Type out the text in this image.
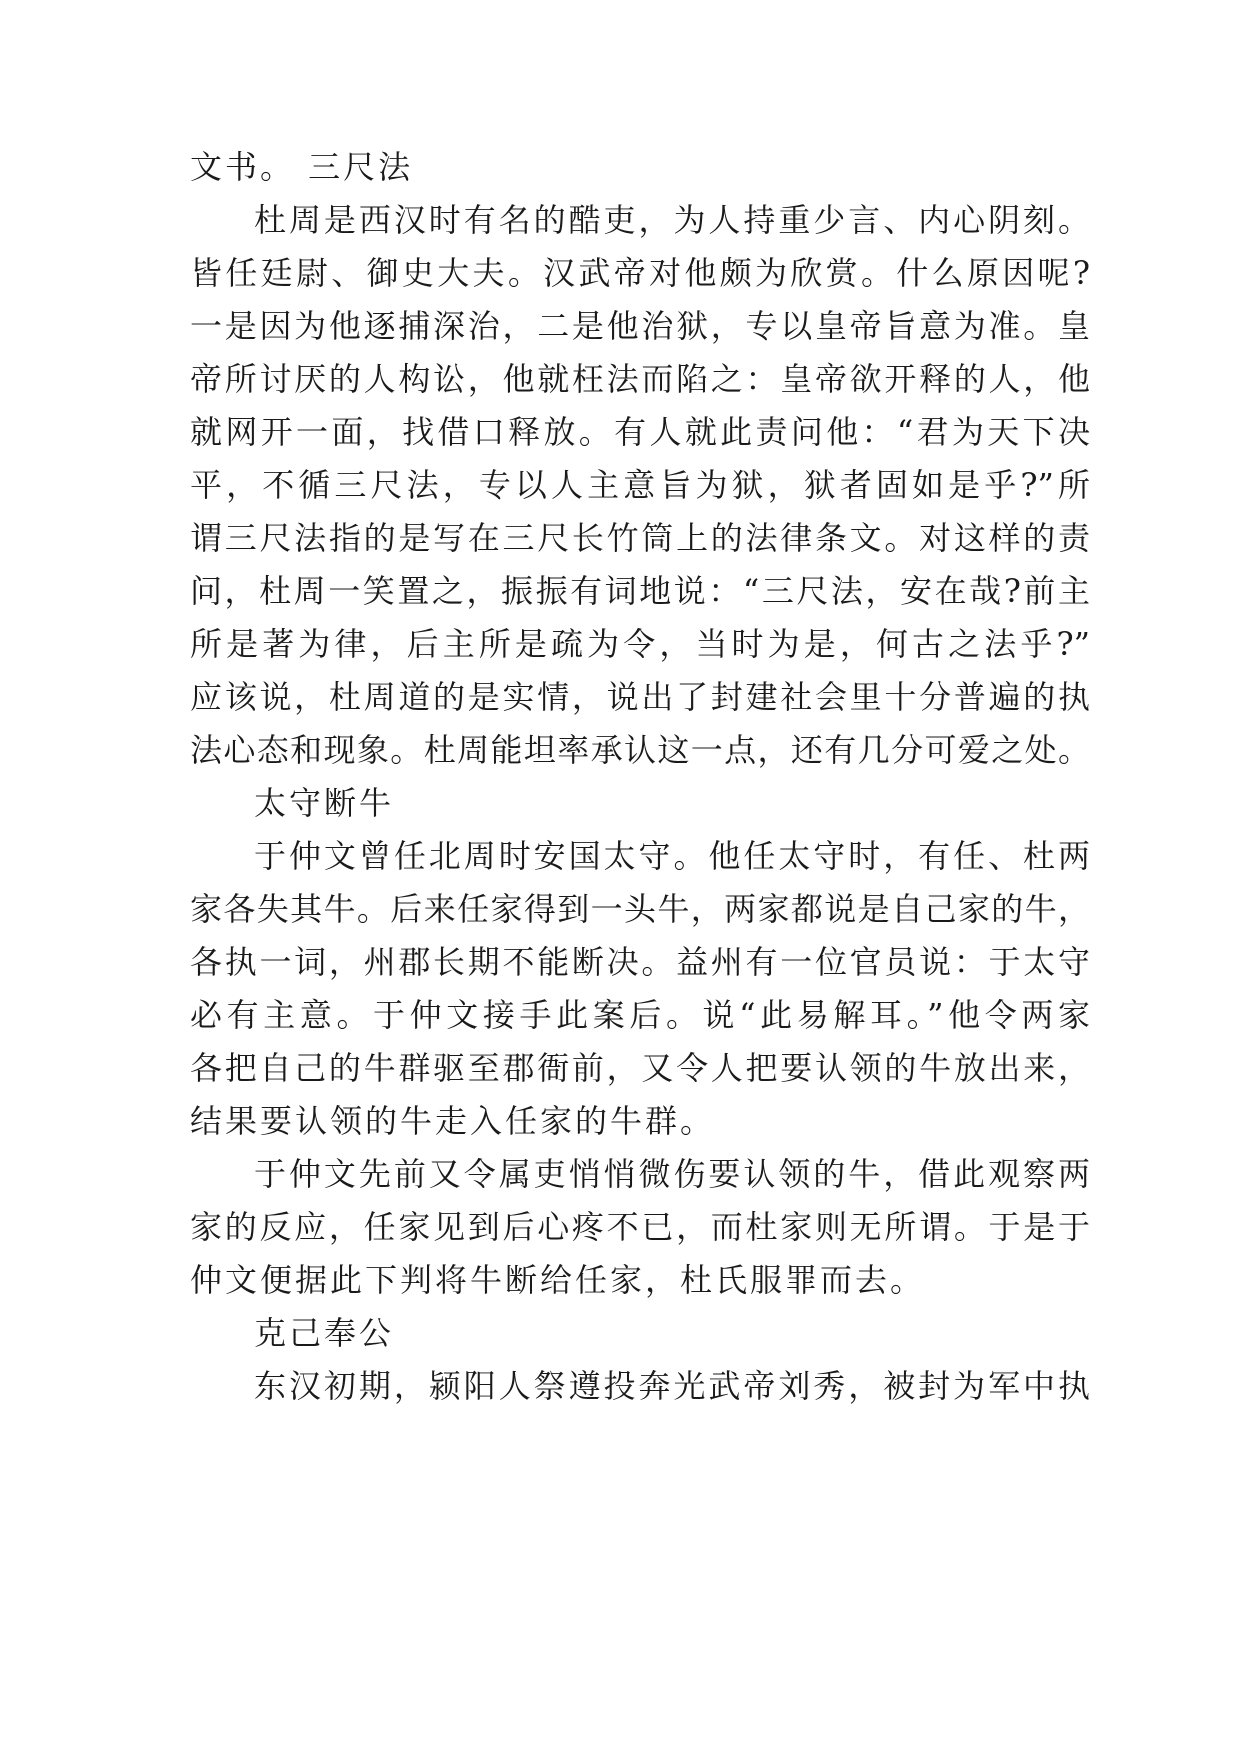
文书。 三尺法
杜周是西汉时有名的酷吏，为人持重少言、内心阴刻。
皆任廷尉、御史大夫。汉武帝对他颇为欣赏。什么原因呢?
一是因为他逐捕深治，二是他治狱，专以皇帝旨意为准。皇
帝所讨厌的人构讼，他就枉法而陷之：皇帝欲开释的人，他
就网开一面，找借口释放。有人就此责问他：“君为天下决
平，不循三尺法，专以人主意旨为狱，狱者固如是乎?”所
谓三尺法指的是写在三尺长竹筒上的法律条文。对这样的责
问，杜周一笑置之，振振有词地说：“三尺法，安在哉?前主
所是著为律，后主所是疏为令，当时为是，何古之法乎?”
应该说，杜周道的是实情，说出了封建社会里十分普遍的执
法心态和现象。杜周能坦率承认这一点，还有几分可爱之处。
太守断牛
于仲文曾任北周时安国太守。他任太守时，有任、杜两
家各失其牛。后来任家得到一头牛，两家都说是自己家的牛，
各执一词，州郡长期不能断决。益州有一位官员说：于太守
必有主意。于仲文接手此案后。说“此易解耳。”他令两家
各把自己的牛群驱至郡衙前，又令人把要认领的牛放出来，
结果要认领的牛走入任家的牛群。
于仲文先前又令属吏悄悄微伤要认领的牛，借此观察两
家的反应，任家见到后心疼不已，而杜家则无所谓。于是于
仲文便据此下判将牛断给任家，杜氏服罪而去。
克己奉公
东汉初期，颍阳人祭遵投奔光武帝刘秀，被封为军中执
